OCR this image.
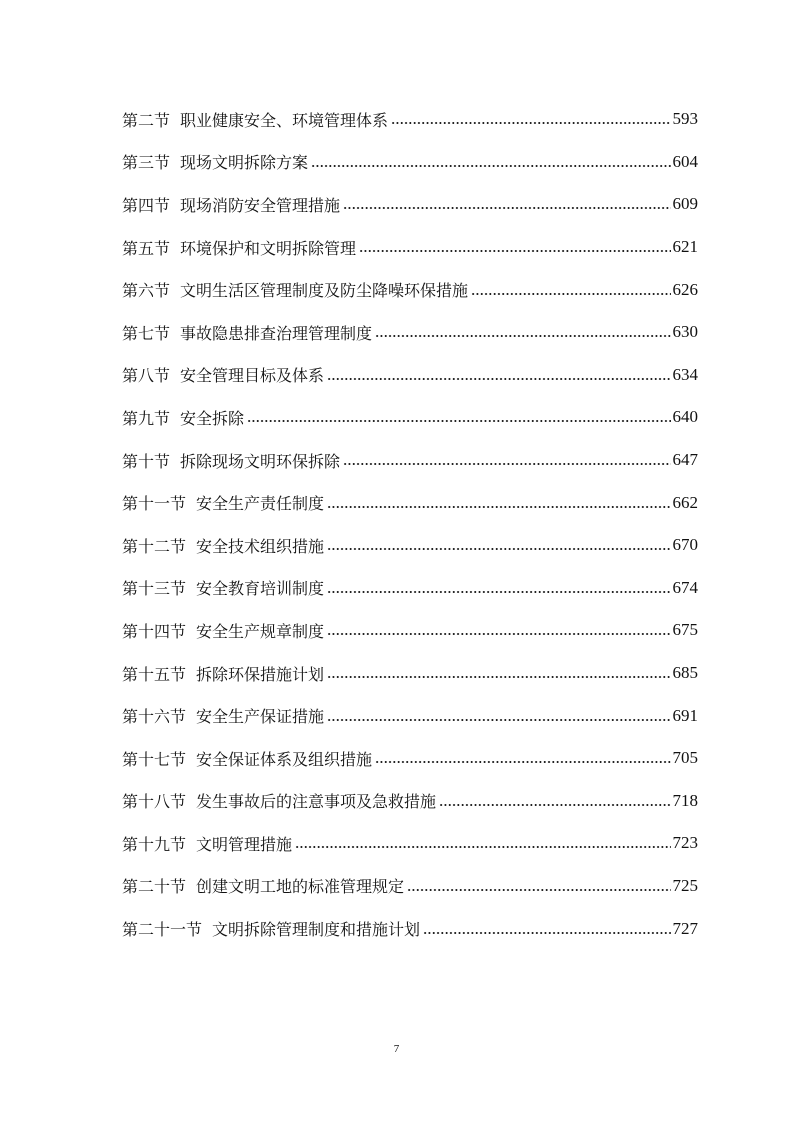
第二节 职业健康安全、环境管理体系	593
第三节 现场文明拆除方案	604
第四节 现场消防安全管理措施	609
第五节 环境保护和文明拆除管理	621
第六节 文明生活区管理制度及防尘降噪环保措施	626
第七节 事故隐患排查治理管理制度	630
第八节 安全管理目标及体系	634
第九节 安全拆除	640
第十节 拆除现场文明环保拆除	647
第十一节 安全生产责任制度	662
第十二节 安全技术组织措施	670
第十三节 安全教育培训制度	674
第十四节 安全生产规章制度	675
第十五节 拆除环保措施计划	685
第十六节 安全生产保证措施	691
第十七节 安全保证体系及组织措施	705
第十八节 发生事故后的注意事项及急救措施	718
第十九节 文明管理措施	723
第二十节 创建文明工地的标准管理规定	725
第二十一节 文明拆除管理制度和措施计划	727
7
